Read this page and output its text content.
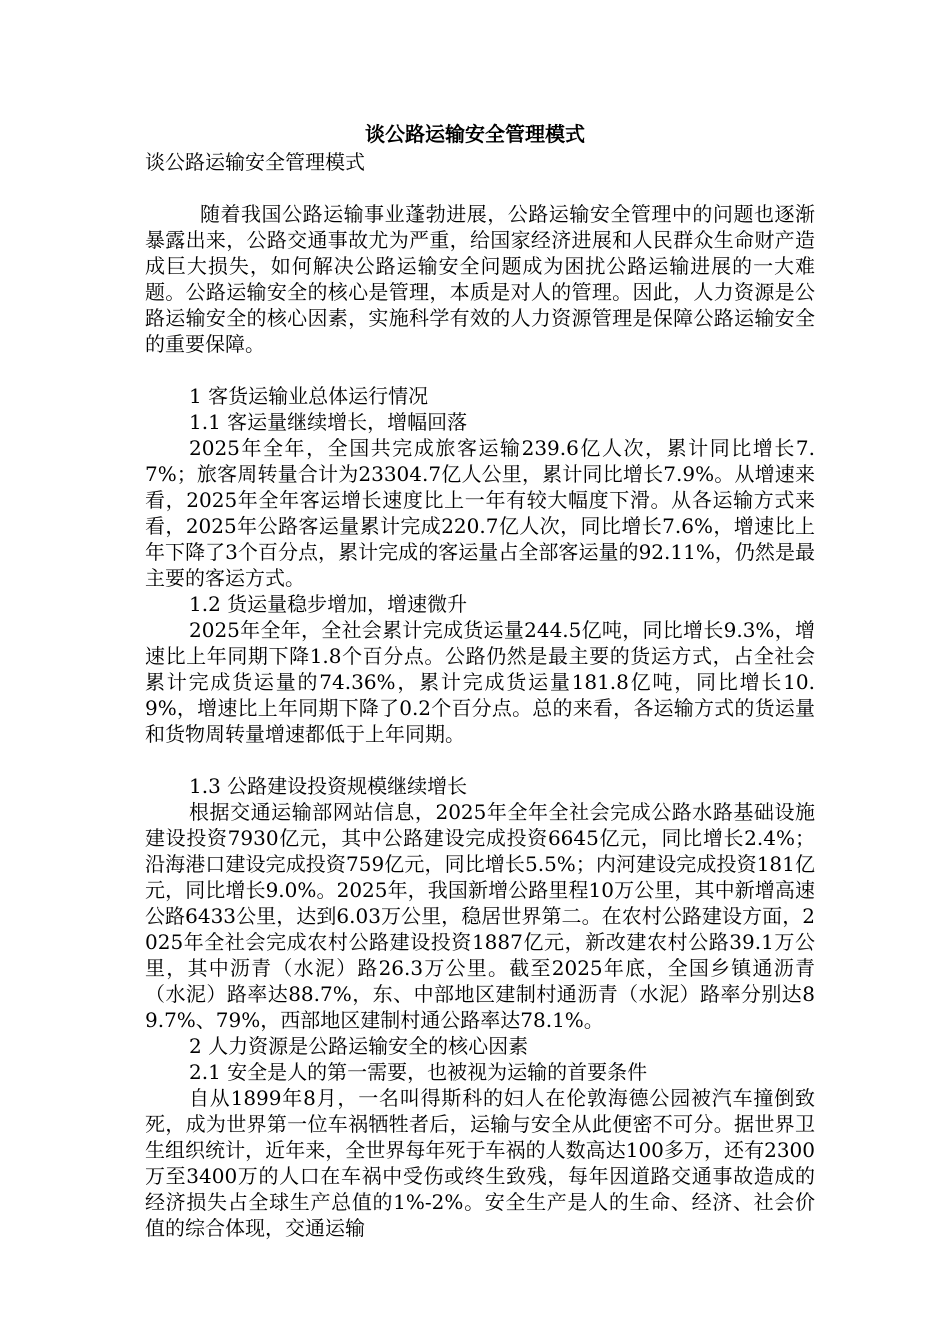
谈公路运输安全管理模式
谈公路运输安全管理模式

随着我国公路运输事业蓬勃进展，公路运输安全管理中的问题也逐渐暴露出来，公路交通事故尤为严重，给国家经济进展和人民群众生命财产造成巨大损失，如何解决公路运输安全问题成为困扰公路运输进展的一大难题。公路运输安全的核心是管理，本质是对人的管理。因此，人力资源是公路运输安全的核心因素，实施科学有效的人力资源管理是保障公路运输安全的重要保障。

1 客货运输业总体运行情况
1.1 客运量继续增长，增幅回落

2025年全年，全国共完成旅客运输239.6亿人次，累计同比增长7.7%；旅客周转量合计为23304.7亿人公里，累计同比增长7.9%。从增速来看，2025年全年客运增长速度比上一年有较大幅度下滑。从各运输方式来看，2025年公路客运量累计完成220.7亿人次，同比增长7.6%，增速比上年下降了3个百分点，累计完成的客运量占全部客运量的92.11%，仍然是最主要的客运方式。

1.2 货运量稳步增加，增速微升

2025年全年，全社会累计完成货运量244.5亿吨，同比增长9.3%，增速比上年同期下降1.8个百分点。公路仍然是最主要的货运方式，占全社会累计完成货运量的74.36%，累计完成货运量181.8亿吨，同比增长10.9%，增速比上年同期下降了0.2个百分点。总的来看，各运输方式的货运量和货物周转量增速都低于上年同期。

1.3 公路建设投资规模继续增长

根据交通运输部网站信息，2025年全年全社会完成公路水路基础设施建设投资7930亿元，其中公路建设完成投资6645亿元，同比增长2.4%；沿海港口建设完成投资759亿元，同比增长5.5%；内河建设完成投资181亿元，同比增长9.0%。2025年，我国新增公路里程10万公里，其中新增高速公路6433公里，达到6.03万公里，稳居世界第二。在农村公路建设方面，2025年全社会完成农村公路建设投资1887亿元，新改建农村公路39.1万公里，其中沥青（水泥）路26.3万公里。截至2025年底，全国乡镇通沥青（水泥）路率达88.7%，东、中部地区建制村通沥青（水泥）路率分别达89.7%、79%，西部地区建制村通公路率达78.1%。

2 人力资源是公路运输安全的核心因素
2.1 安全是人的第一需要，也被视为运输的首要条件

自从1899年8月，一名叫得斯科的妇人在伦敦海德公园被汽车撞倒致死，成为世界第一位车祸牺牲者后，运输与安全从此便密不可分。据世界卫生组织统计，近年来，全世界每年死于车祸的人数高达100多万，还有2300万至3400万的人口在车祸中受伤或终生致残，每年因道路交通事故造成的经济损失占全球生产总值的1%-2%。安全生产是人的生命、经济、社会价值的综合体现，交通运输
